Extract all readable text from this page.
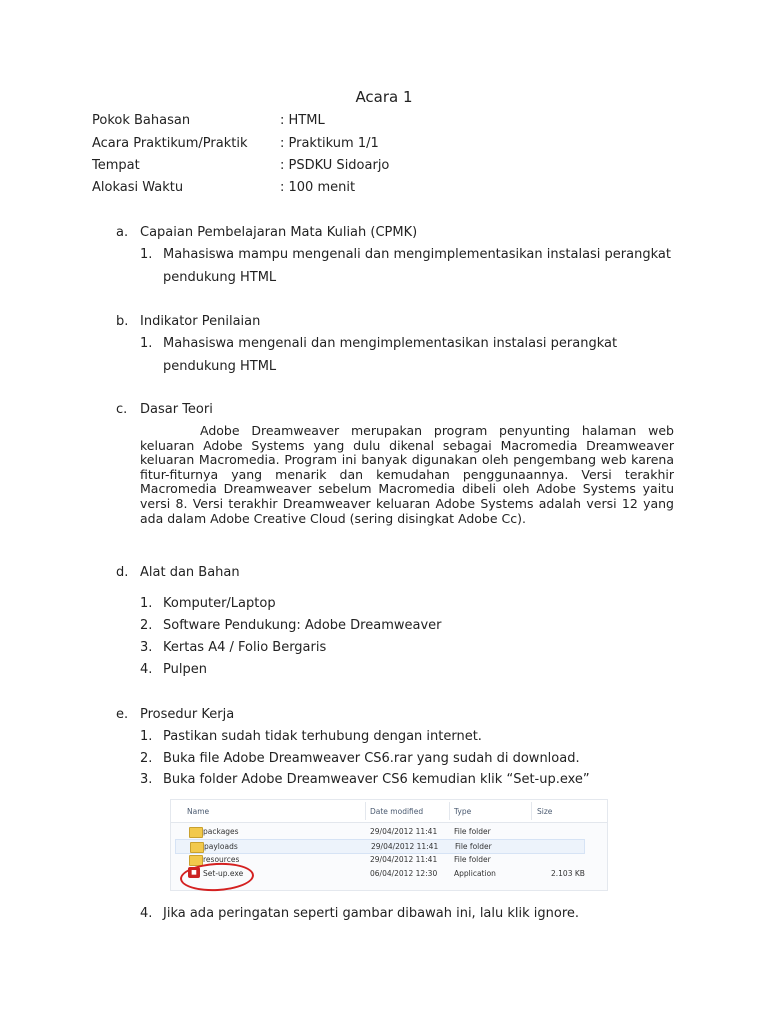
Acara 1
Pokok Bahasan	: HTML
Acara Praktikum/Praktik	: Praktikum 1/1
Tempat	: PSDKU Sidoarjo
Alokasi Waktu	: 100 menit
a. Capaian Pembelajaran Mata Kuliah (CPMK)
1. Mahasiswa mampu mengenali dan mengimplementasikan instalasi perangkat
pendukung HTML
b. Indikator Penilaian
1. Mahasiswa mengenali dan mengimplementasikan instalasi perangkat
pendukung HTML
c. Dasar Teori
Adobe Dreamweaver merupakan program penyunting halaman web keluaran Adobe Systems yang dulu dikenal sebagai Macromedia Dreamweaver keluaran Macromedia. Program ini banyak digunakan oleh pengembang web karena fitur-fiturnya yang menarik dan kemudahan penggunaannya. Versi terakhir Macromedia Dreamweaver sebelum Macromedia dibeli oleh Adobe Systems yaitu versi 8. Versi terakhir Dreamweaver keluaran Adobe Systems adalah versi 12 yang ada dalam Adobe Creative Cloud (sering disingkat Adobe Cc).
d. Alat dan Bahan
1. Komputer/Laptop
2. Software Pendukung: Adobe Dreamweaver
3. Kertas A4 / Folio Bergaris
4. Pulpen
e. Prosedur Kerja
1. Pastikan sudah tidak terhubung dengan internet.
2. Buka file Adobe Dreamweaver CS6.rar yang sudah di download.
3. Buka folder Adobe Dreamweaver CS6 kemudian klik “Set-up.exe”
Name	Date modified	Type	Size
packages	29/04/2012 11:41 File folder
payloads	29/04/2012 11:41 File folder
resources	29/04/2012 11:41 File folder
■ Set-up.exe	06/04/2012 12:30 Application	2.103 KB
4. Jika ada peringatan seperti gambar dibawah ini, lalu klik ignore.
